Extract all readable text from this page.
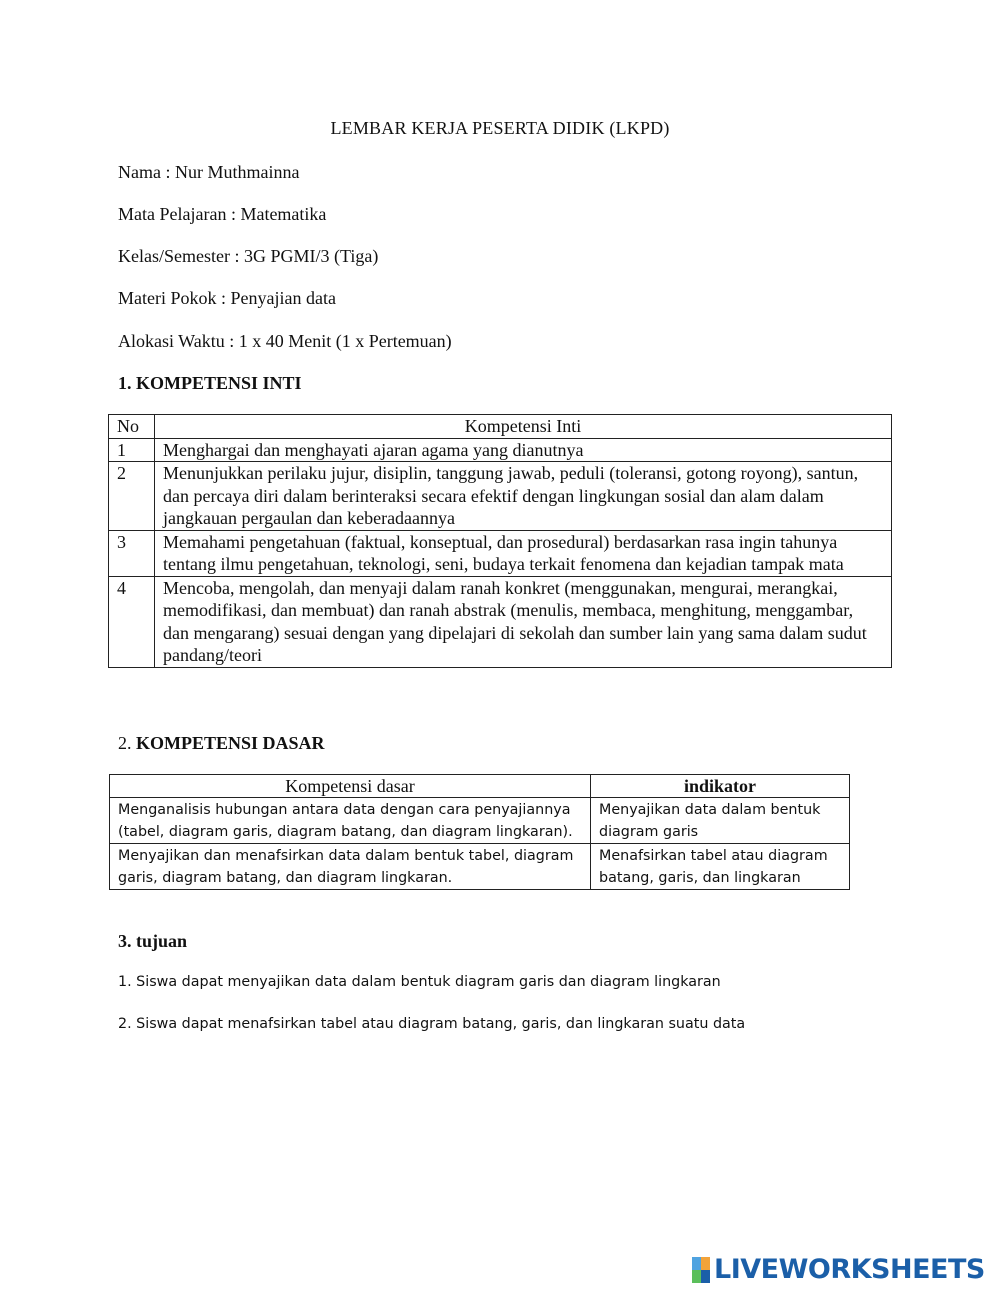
LEMBAR KERJA PESERTA DIDIK (LKPD)
Nama : Nur Muthmainna
Mata Pelajaran : Matematika
Kelas/Semester : 3G PGMI/3 (Tiga)
Materi Pokok : Penyajian data
Alokasi Waktu : 1 x 40 Menit (1 x Pertemuan)
1. KOMPETENSI INTI
No	Kompetensi Inti
1	Menghargai dan menghayati ajaran agama yang dianutnya
2	Menunjukkan perilaku jujur, disiplin, tanggung jawab, peduli (toleransi, gotong royong), santun, dan percaya diri dalam berinteraksi secara efektif dengan lingkungan sosial dan alam dalam jangkauan pergaulan dan keberadaannya
3	Memahami pengetahuan (faktual, konseptual, dan prosedural) berdasarkan rasa ingin tahunya tentang ilmu pengetahuan, teknologi, seni, budaya terkait fenomena dan kejadian tampak mata
4	Mencoba, mengolah, dan menyaji dalam ranah konkret (menggunakan, mengurai, merangkai, memodifikasi, dan membuat) dan ranah abstrak (menulis, membaca, menghitung, menggambar, dan mengarang) sesuai dengan yang dipelajari di sekolah dan sumber lain yang sama dalam sudut pandang/teori
2. KOMPETENSI DASAR
Kompetensi dasar	indikator
Menganalisis hubungan antara data dengan cara penyajiannya (tabel, diagram garis, diagram batang, dan diagram lingkaran).	Menyajikan data dalam bentuk diagram garis
Menyajikan dan menafsirkan data dalam bentuk tabel, diagram garis, diagram batang, dan diagram lingkaran.	Menafsirkan tabel atau diagram batang, garis, dan lingkaran
3. tujuan
1. Siswa dapat menyajikan data dalam bentuk diagram garis dan diagram lingkaran
2. Siswa dapat menafsirkan tabel atau diagram batang, garis, dan lingkaran suatu data
LIVEWORKSHEETS
